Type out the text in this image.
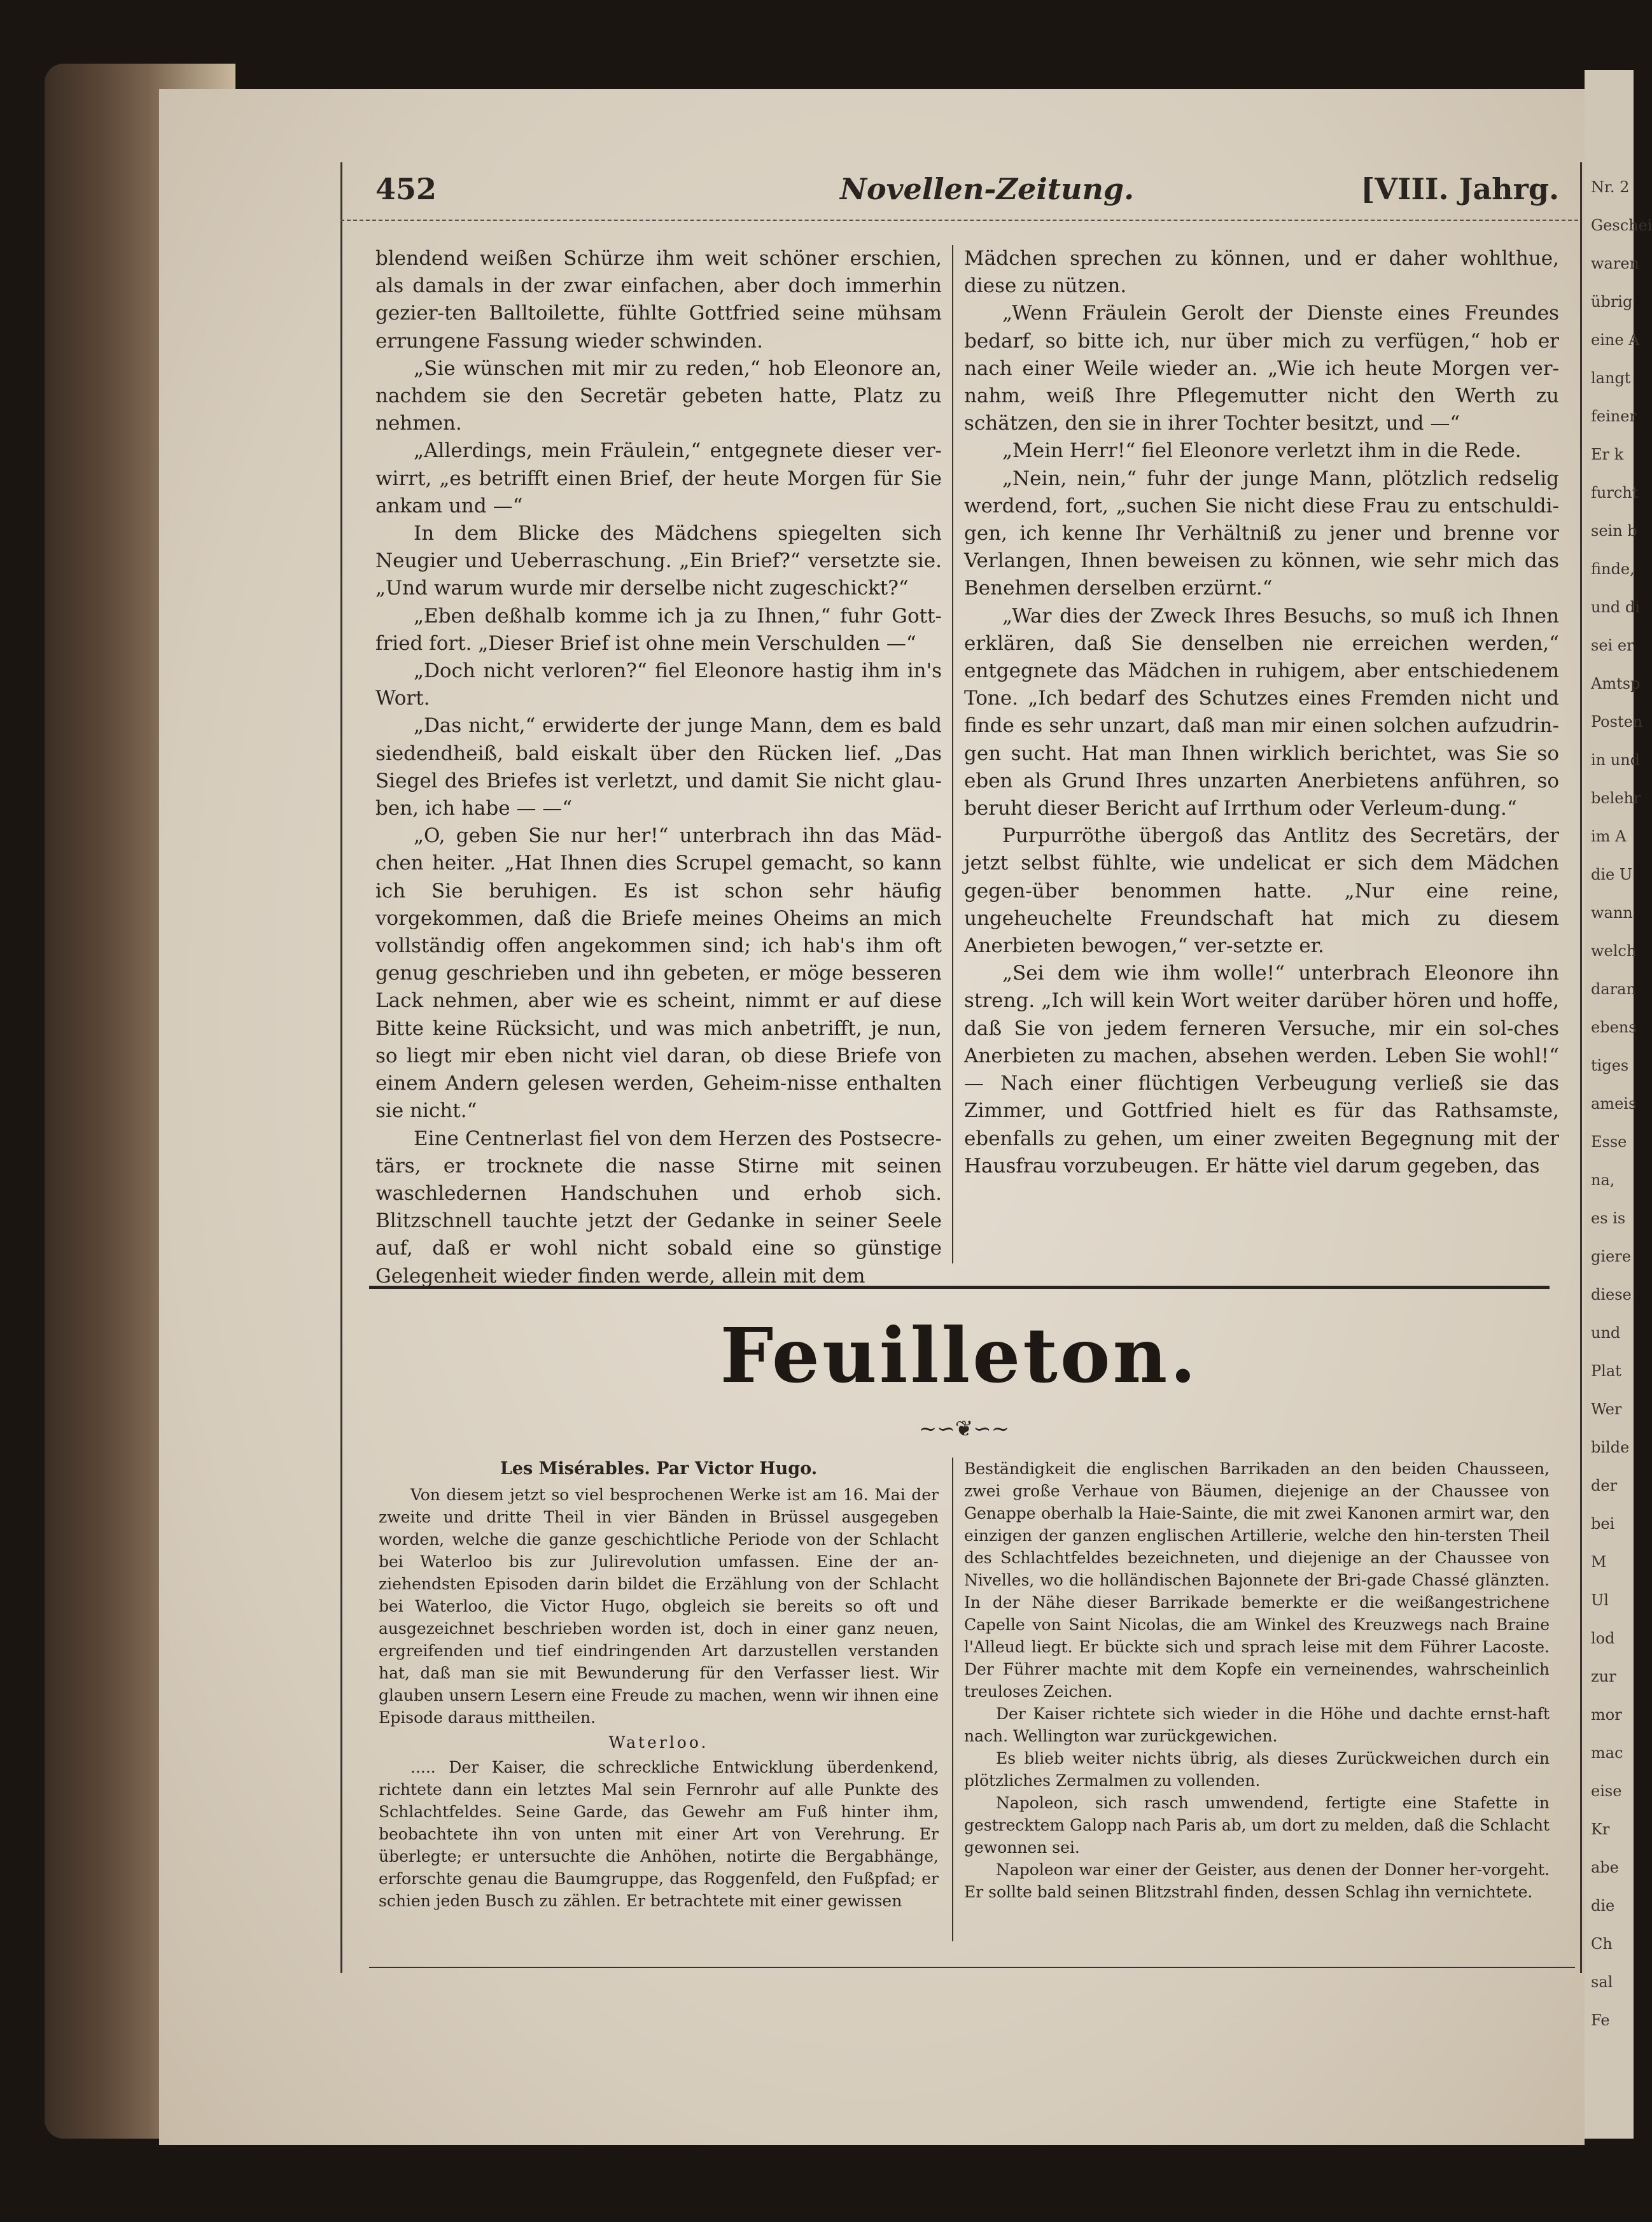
Nr. 2
Geschei
waren
übrig
eine A
langt
feiner
Er k
furcht
sein b
finde,
und di
sei er
Amtsp
Posten
in und
belehr
im A
die U
wann
welch
daran
ebens
tiges
ameis
Esse
na,
es is
giere
diese
und
Plat
Wer
bilde
der
bei
M
Ul
lod
zur
mor
mac
eise
Kr
abe
die
Ch
sal
Fe
452	Novellen-Zeitung.	[VIII. Jahrg.

blendend weißen Schürze ihm weit schöner erschien, als damals in der zwar einfachen, aber doch immerhin gezier-ten Balltoilette, fühlte Gottfried seine mühsam errungene Fassung wieder schwinden.

„Sie wünschen mit mir zu reden,“ hob Eleonore an, nachdem sie den Secretär gebeten hatte, Platz zu nehmen.

„Allerdings, mein Fräulein,“ entgegnete dieser ver-wirrt, „es betrifft einen Brief, der heute Morgen für Sie ankam und —“

In dem Blicke des Mädchens spiegelten sich Neugier und Ueberraschung. „Ein Brief?“ versetzte sie. „Und warum wurde mir derselbe nicht zugeschickt?“

„Eben deßhalb komme ich ja zu Ihnen,“ fuhr Gott-fried fort. „Dieser Brief ist ohne mein Verschulden —“

„Doch nicht verloren?“ fiel Eleonore hastig ihm in's Wort.

„Das nicht,“ erwiderte der junge Mann, dem es bald siedendheiß, bald eiskalt über den Rücken lief. „Das Siegel des Briefes ist verletzt, und damit Sie nicht glau-ben, ich habe — —“

„O, geben Sie nur her!“ unterbrach ihn das Mäd-chen heiter. „Hat Ihnen dies Scrupel gemacht, so kann ich Sie beruhigen. Es ist schon sehr häufig vorgekommen, daß die Briefe meines Oheims an mich vollständig offen angekommen sind; ich hab's ihm oft genug geschrieben und ihn gebeten, er möge besseren Lack nehmen, aber wie es scheint, nimmt er auf diese Bitte keine Rücksicht, und was mich anbetrifft, je nun, so liegt mir eben nicht viel daran, ob diese Briefe von einem Andern gelesen werden, Geheim-nisse enthalten sie nicht.“

Eine Centnerlast fiel von dem Herzen des Postsecre-tärs, er trocknete die nasse Stirne mit seinen waschledernen Handschuhen und erhob sich. Blitzschnell tauchte jetzt der Gedanke in seiner Seele auf, daß er wohl nicht sobald eine so günstige Gelegenheit wieder finden werde, allein mit dem

Mädchen sprechen zu können, und er daher wohlthue, diese zu nützen.

„Wenn Fräulein Gerolt der Dienste eines Freundes bedarf, so bitte ich, nur über mich zu verfügen,“ hob er nach einer Weile wieder an. „Wie ich heute Morgen ver-nahm, weiß Ihre Pflegemutter nicht den Werth zu schätzen, den sie in ihrer Tochter besitzt, und —“

„Mein Herr!“ fiel Eleonore verletzt ihm in die Rede.

„Nein, nein,“ fuhr der junge Mann, plötzlich redselig werdend, fort, „suchen Sie nicht diese Frau zu entschuldi-gen, ich kenne Ihr Verhältniß zu jener und brenne vor Verlangen, Ihnen beweisen zu können, wie sehr mich das Benehmen derselben erzürnt.“

„War dies der Zweck Ihres Besuchs, so muß ich Ihnen erklären, daß Sie denselben nie erreichen werden,“ entgegnete das Mädchen in ruhigem, aber entschiedenem Tone. „Ich bedarf des Schutzes eines Fremden nicht und finde es sehr unzart, daß man mir einen solchen aufzudrin-gen sucht. Hat man Ihnen wirklich berichtet, was Sie so eben als Grund Ihres unzarten Anerbietens anführen, so beruht dieser Bericht auf Irrthum oder Verleum-dung.“

Purpurröthe übergoß das Antlitz des Secretärs, der jetzt selbst fühlte, wie undelicat er sich dem Mädchen gegen-über benommen hatte. „Nur eine reine, ungeheuchelte Freundschaft hat mich zu diesem Anerbieten bewogen,“ ver-setzte er.

„Sei dem wie ihm wolle!“ unterbrach Eleonore ihn streng. „Ich will kein Wort weiter darüber hören und hoffe, daß Sie von jedem ferneren Versuche, mir ein sol-ches Anerbieten zu machen, absehen werden. Leben Sie wohl!“ — Nach einer flüchtigen Verbeugung verließ sie das Zimmer, und Gottfried hielt es für das Rathsamste, ebenfalls zu gehen, um einer zweiten Begegnung mit der Hausfrau vorzubeugen. Er hätte viel darum gegeben, das

Feuilleton.
~∽❦∽~

Les Misérables. Par Victor Hugo.

Von diesem jetzt so viel besprochenen Werke ist am 16. Mai der zweite und dritte Theil in vier Bänden in Brüssel ausgegeben worden, welche die ganze geschichtliche Periode von der Schlacht bei Waterloo bis zur Julirevolution umfassen. Eine der an-ziehendsten Episoden darin bildet die Erzählung von der Schlacht bei Waterloo, die Victor Hugo, obgleich sie bereits so oft und ausgezeichnet beschrieben worden ist, doch in einer ganz neuen, ergreifenden und tief eindringenden Art darzustellen verstanden hat, daß man sie mit Bewunderung für den Verfasser liest. Wir glauben unsern Lesern eine Freude zu machen, wenn wir ihnen eine Episode daraus mittheilen.

Waterloo.

..... Der Kaiser, die schreckliche Entwicklung überdenkend, richtete dann ein letztes Mal sein Fernrohr auf alle Punkte des Schlachtfeldes. Seine Garde, das Gewehr am Fuß hinter ihm, beobachtete ihn von unten mit einer Art von Verehrung. Er überlegte; er untersuchte die Anhöhen, notirte die Bergabhänge, erforschte genau die Baumgruppe, das Roggenfeld, den Fußpfad; er schien jeden Busch zu zählen. Er betrachtete mit einer gewissen

Beständigkeit die englischen Barrikaden an den beiden Chausseen, zwei große Verhaue von Bäumen, diejenige an der Chaussee von Genappe oberhalb la Haie-Sainte, die mit zwei Kanonen armirt war, den einzigen der ganzen englischen Artillerie, welche den hin-tersten Theil des Schlachtfeldes bezeichneten, und diejenige an der Chaussee von Nivelles, wo die holländischen Bajonnete der Bri-gade Chassé glänzten. In der Nähe dieser Barrikade bemerkte er die weißangestrichene Capelle von Saint Nicolas, die am Winkel des Kreuzwegs nach Braine l'Alleud liegt. Er bückte sich und sprach leise mit dem Führer Lacoste. Der Führer machte mit dem Kopfe ein verneinendes, wahrscheinlich treuloses Zeichen.

Der Kaiser richtete sich wieder in die Höhe und dachte ernst-haft nach. Wellington war zurückgewichen.

Es blieb weiter nichts übrig, als dieses Zurückweichen durch ein plötzliches Zermalmen zu vollenden.

Napoleon, sich rasch umwendend, fertigte eine Stafette in gestrecktem Galopp nach Paris ab, um dort zu melden, daß die Schlacht gewonnen sei.

Napoleon war einer der Geister, aus denen der Donner her-vorgeht. Er sollte bald seinen Blitzstrahl finden, dessen Schlag ihn vernichtete.
